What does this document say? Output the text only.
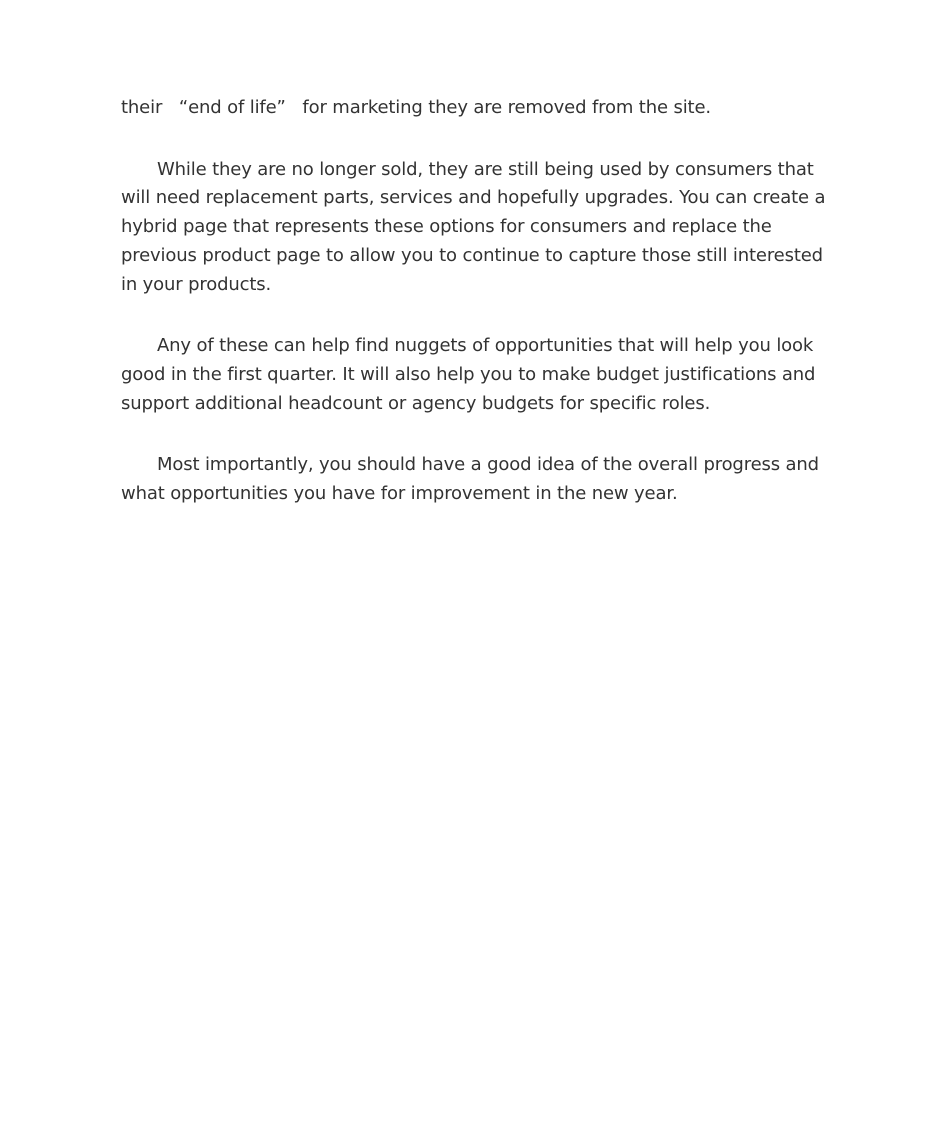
their   “end of life”   for marketing they are removed from the site.

While they are no longer sold, they are still being used by consumers that will need replacement parts, services and hopefully upgrades. You can create a hybrid page that represents these options for consumers and replace the previous product page to allow you to continue to capture those still interested in your products.

Any of these can help find nuggets of opportunities that will help you look good in the first quarter. It will also help you to make budget justifications and support additional headcount or agency budgets for specific roles.

Most importantly, you should have a good idea of the overall progress and what opportunities you have for improvement in the new year.
